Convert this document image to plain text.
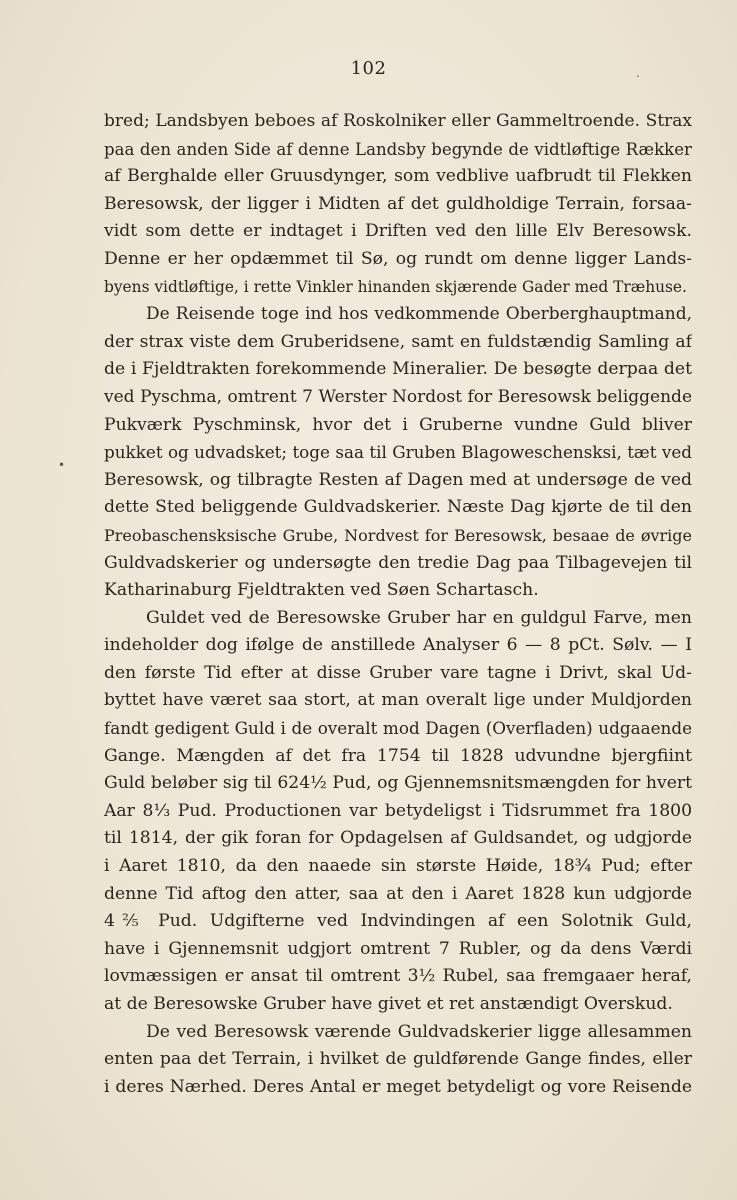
102	.
•
bred; Landsbyen beboes af Roskolniker eller Gammeltroende. Strax
paa den anden Side af denne Landsby begynde de vidtløftige Rækker
af Berghalde eller Gruusdynger, som vedblive uafbrudt til Flekken
Beresowsk, der ligger i Midten af det guldholdige Terrain, forsaa-
vidt som dette er indtaget i Driften ved den lille Elv Beresowsk.
Denne er her opdæmmet til Sø, og rundt om denne ligger Lands-
byens vidtløftige, i rette Vinkler hinanden skjærende Gader med Træhuse.
De Reisende toge ind hos vedkommende Oberberghauptmand,
der strax viste dem Gruberidsene, samt en fuldstændig Samling af
de i Fjeldtrakten forekommende Mineralier. De besøgte derpaa det
ved Pyschma, omtrent 7 Werster Nordost for Beresowsk beliggende
Pukværk Pyschminsk, hvor det i Gruberne vundne Guld bliver
pukket og udvadsket; toge saa til Gruben Blagoweschensksi, tæt ved
Beresowsk, og tilbragte Resten af Dagen med at undersøge de ved
dette Sted beliggende Guldvadskerier. Næste Dag kjørte de til den
Preobaschensksische Grube, Nordvest for Beresowsk, besaae de øvrige
Guldvadskerier og undersøgte den tredie Dag paa Tilbagevejen til
Katharinaburg Fjeldtrakten ved Søen Schartasch.
Guldet ved de Beresowske Gruber har en guldgul Farve, men
indeholder dog ifølge de anstillede Analyser 6 — 8 pCt. Sølv. — I
den første Tid efter at disse Gruber vare tagne i Drivt, skal Ud-
byttet have været saa stort, at man overalt lige under Muldjorden
fandt gedigent Guld i de overalt mod Dagen (Overfladen) udgaaende
Gange. Mængden af det fra 1754 til 1828 udvundne bjergfiint
Guld beløber sig til 624½ Pud, og Gjennemsnitsmængden for hvert
Aar 8⅓ Pud. Productionen var betydeligst i Tidsrummet fra 1800
til 1814, der gik foran for Opdagelsen af Guldsandet, og udgjorde
i Aaret 1810, da den naaede sin største Høide, 18¾ Pud; efter
denne Tid aftog den atter, saa at den i Aaret 1828 kun udgjorde
4⅖ Pud. Udgifterne ved Indvindingen af een Solotnik Guld,
have i Gjennemsnit udgjort omtrent 7 Rubler, og da dens Værdi
lovmæssigen er ansat til omtrent 3½ Rubel, saa fremgaaer heraf,
at de Beresowske Gruber have givet et ret anstændigt Overskud.
De ved Beresowsk værende Guldvadskerier ligge allesammen
enten paa det Terrain, i hvilket de guldførende Gange findes, eller
i deres Nærhed. Deres Antal er meget betydeligt og vore Reisende
